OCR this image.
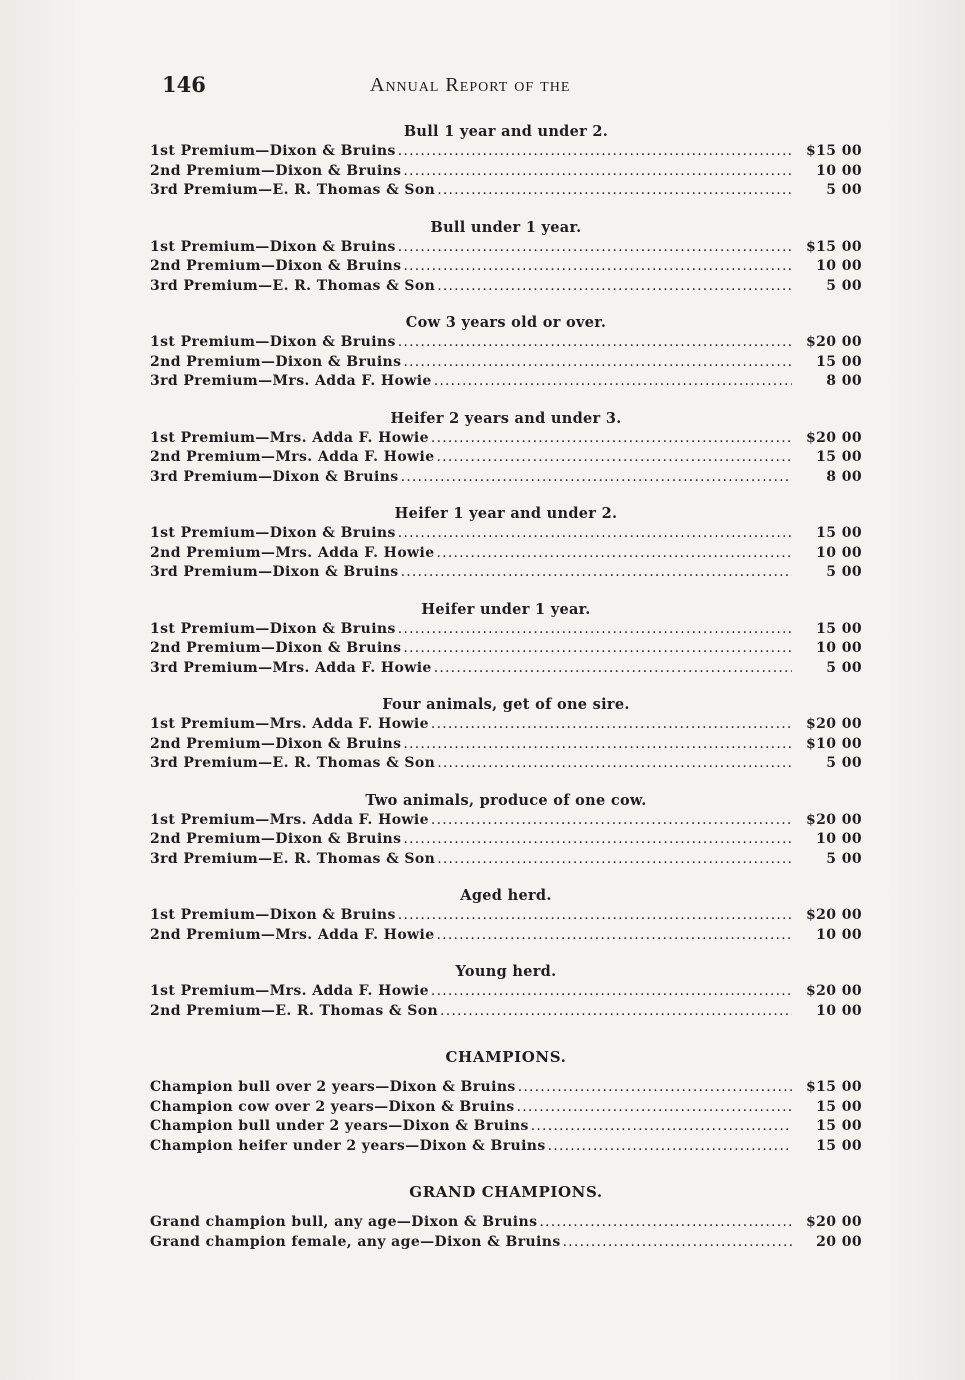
146	Annual Report of the
Bull 1 year and under 2.
1st Premium—Dixon & Bruins .....	$15 00
2nd Premium—Dixon & Bruins .....	10 00
3rd Premium—E. R. Thomas & Son .....	5 00
Bull under 1 year.
1st Premium—Dixon & Bruins .....	$15 00
2nd Premium—Dixon & Bruins .....	10 00
3rd Premium—E. R. Thomas & Son .....	5 00
Cow 3 years old or over.
1st Premium—Dixon & Bruins .....	$20 00
2nd Premium—Dixon & Bruins .....	15 00
3rd Premium—Mrs. Adda F. Howie .....	8 00
Heifer 2 years and under 3.
1st Premium—Mrs. Adda F. Howie .....	$20 00
2nd Premium—Mrs. Adda F. Howie .....	15 00
3rd Premium—Dixon & Bruins .....	8 00
Heifer 1 year and under 2.
1st Premium—Dixon & Bruins .....	15 00
2nd Premium—Mrs. Adda F. Howie .....	10 00
3rd Premium—Dixon & Bruins .....	5 00
Heifer under 1 year.
1st Premium—Dixon & Bruins .....	15 00
2nd Premium—Dixon & Bruins .....	10 00
3rd Premium—Mrs. Adda F. Howie .....	5 00
Four animals, get of one sire.
1st Premium—Mrs. Adda F. Howie .....	$20 00
2nd Premium—Dixon & Bruins .....	$10 00
3rd Premium—E. R. Thomas & Son .....	5 00
Two animals, produce of one cow.
1st Premium—Mrs. Adda F. Howie .....	$20 00
2nd Premium—Dixon & Bruins .....	10 00
3rd Premium—E. R. Thomas & Son .....	5 00
Aged herd.
1st Premium—Dixon & Bruins .....	$20 00
2nd Premium—Mrs. Adda F. Howie .....	10 00
Young herd.
1st Premium—Mrs. Adda F. Howie .....	$20 00
2nd Premium—E. R. Thomas & Son .....	10 00
CHAMPIONS.
Champion bull over 2 years—Dixon & Bruins .....	$15 00
Champion cow over 2 years—Dixon & Bruins .....	15 00
Champion bull under 2 years—Dixon & Bruins .....	15 00
Champion heifer under 2 years—Dixon & Bruins .....	15 00
GRAND CHAMPIONS.
Grand champion bull, any age—Dixon & Bruins .....	$20 00
Grand champion female, any age—Dixon & Bruins .....	20 00
